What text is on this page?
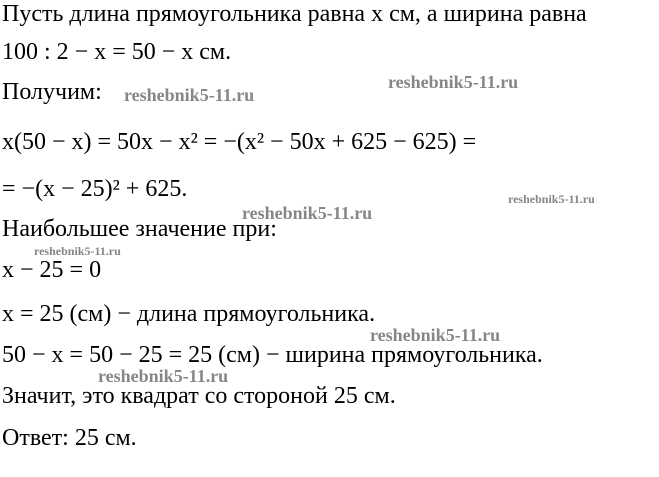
Пусть длина прямоугольника равна x см, а ширина равна
100 : 2 − x = 50 − x см.
Получим:
x(50 − x) = 50x − x² = −(x² − 50x + 625 − 625) =
= −(x − 25)² + 625.
Наибольшее значение при:
x − 25 = 0
x = 25 (см) − длина прямоугольника.
50 − x = 50 − 25 = 25 (см) − ширина прямоугольника.
Значит, это квадрат со стороной 25 см.
Ответ: 25 см.
reshebnik5-11.ru
reshebnik5-11.ru
reshebnik5-11.ru
reshebnik5-11.ru
reshebnik5-11.ru
reshebnik5-11.ru
reshebnik5-11.ru
